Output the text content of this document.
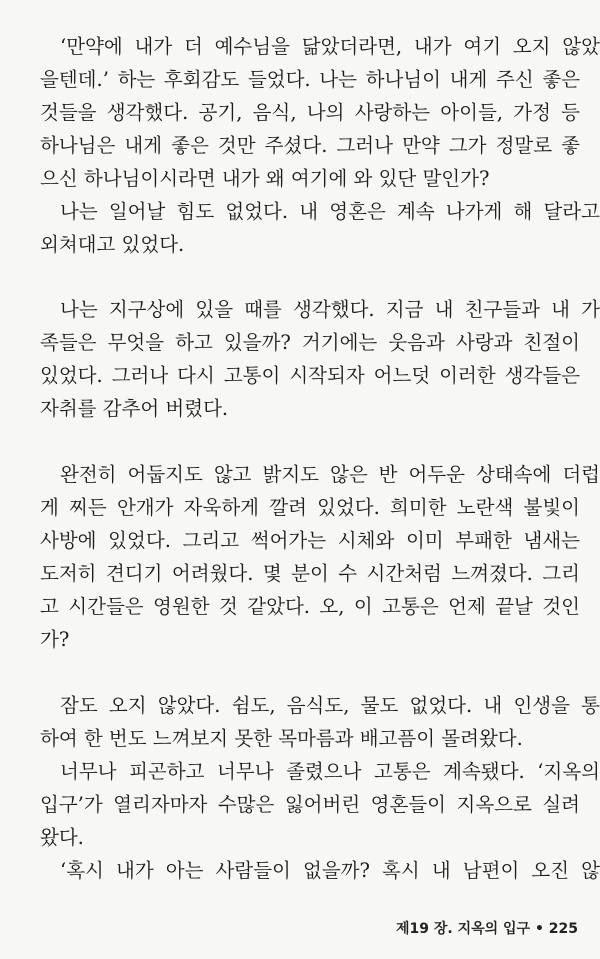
‘만약에 내가 더 예수님을 닮았더라면, 내가 여기 오지 않았
을텐데.’ 하는 후회감도 들었다. 나는 하나님이 내게 주신 좋은
것들을 생각했다. 공기, 음식, 나의 사랑하는 아이들, 가정 등
하나님은 내게 좋은 것만 주셨다. 그러나 만약 그가 정말로 좋
으신 하나님이시라면 내가 왜 여기에 와 있단 말인가?
나는 일어날 힘도 없었다. 내 영혼은 계속 나가게 해 달라고
외쳐대고 있었다.
나는 지구상에 있을 때를 생각했다. 지금 내 친구들과 내 가
족들은 무엇을 하고 있을까? 거기에는 웃음과 사랑과 친절이
있었다. 그러나 다시 고통이 시작되자 어느덧 이러한 생각들은
자취를 감추어 버렸다.
완전히 어둡지도 않고 밝지도 않은 반 어두운 상태속에 더럽
게 찌든 안개가 자욱하게 깔려 있었다. 희미한 노란색 불빛이
사방에 있었다. 그리고 썩어가는 시체와 이미 부패한 냄새는
도저히 견디기 어려웠다. 몇 분이 수 시간처럼 느껴졌다. 그리
고 시간들은 영원한 것 같았다. 오, 이 고통은 언제 끝날 것인
가?
잠도 오지 않았다. 쉼도, 음식도, 물도 없었다. 내 인생을 통
하여 한 번도 느껴보지 못한 목마름과 배고픔이 몰려왔다.
너무나 피곤하고 너무나 졸렸으나 고통은 계속됐다. ‘지옥의
입구’가 열리자마자 수많은 잃어버린 영혼들이 지옥으로 실려
왔다.
‘혹시 내가 아는 사람들이 없을까? 혹시 내 남편이 오진 않
제19 장. 지옥의 입구 • 225
